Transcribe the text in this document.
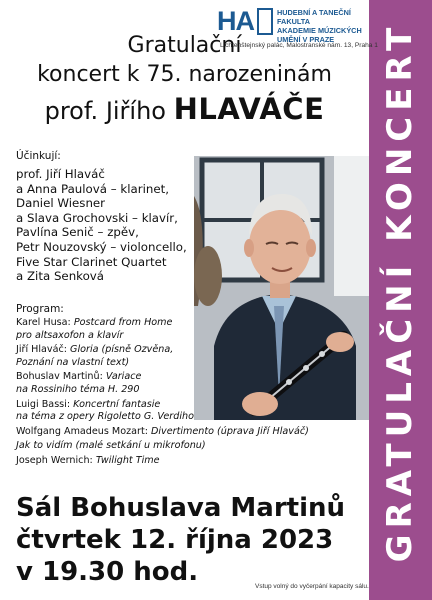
GRATULAČNÍ KONCERT
HA	HUDEBNÍ A TANEČNÍ FAKULTA
AKADEMIE MÚZICKÝCH
UMĚNÍ V PRAZE
Lichtenštejnský palác, Malostranské nám. 13, Praha 1
Gratulační
koncert k 75. narozeninám
prof. Jiřího HLAVÁČE
Účinkují:
prof. Jiří Hlaváč
a Anna Paulová – klarinet,
Daniel Wiesner
a Slava Grochovski – klavír,
Pavlína Senič – zpěv,
Petr Nouzovský – violoncello,
Five Star Clarinet Quartet
a Zita Senková
Program:
Karel Husa: Postcard from Home
pro altsaxofon a klavír
Jiří Hlaváč: Gloria (písně Ozvěna,
Poznání na vlastní text)
Bohuslav Martinů: Variace
na Rossiniho téma H. 290
Luigi Bassi: Koncertní fantasie
na téma z opery Rigoletto G. Verdiho
Wolfgang Amadeus Mozart: Divertimento (úprava Jiří Hlaváč)
Jak to vidím (malé setkání u mikrofonu)
Joseph Wernich: Twilight Time
Sál Bohuslava Martinů
čtvrtek 12. října 2023
v 19.30 hod.	Vstup volný do vyčerpání kapacity sálu.
